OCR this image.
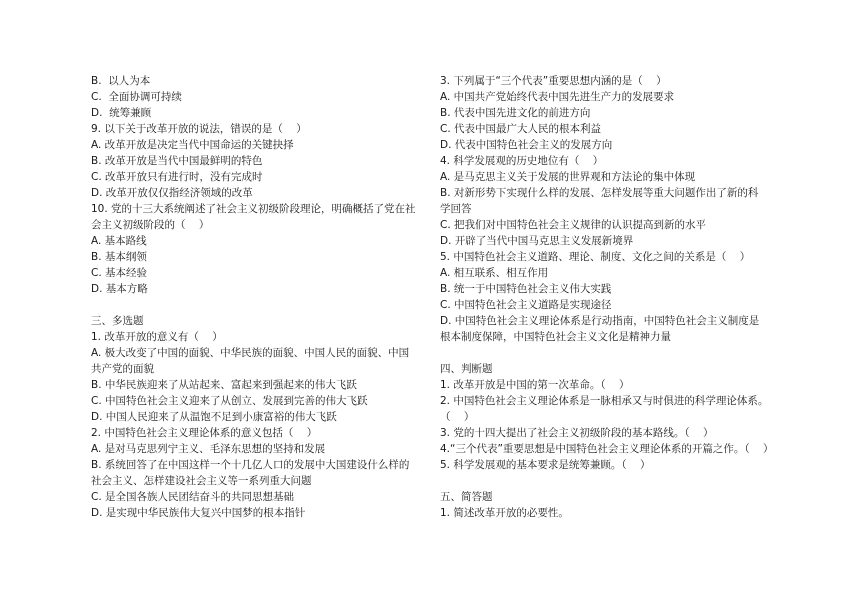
B.  以人为本
C.  全面协调可持续
D.  统筹兼顾
9. 以下关于改革开放的说法，错误的是（    ）
A. 改革开放是决定当代中国命运的关键抉择
B. 改革开放是当代中国最鲜明的特色
C. 改革开放只有进行时，没有完成时
D. 改革开放仅仅指经济领域的改革
10. 党的十三大系统阐述了社会主义初级阶段理论，明确概括了党在社
会主义初级阶段的（    ）
A. 基本路线
B. 基本纲领
C. 基本经验
D. 基本方略
三、多选题
1. 改革开放的意义有（    ）
A. 极大改变了中国的面貌、中华民族的面貌、中国人民的面貌、中国
共产党的面貌
B. 中华民族迎来了从站起来、富起来到强起来的伟大飞跃
C. 中国特色社会主义迎来了从创立、发展到完善的伟大飞跃
D. 中国人民迎来了从温饱不足到小康富裕的伟大飞跃
2. 中国特色社会主义理论体系的意义包括（    ）
A. 是对马克思列宁主义、毛泽东思想的坚持和发展
B. 系统回答了在中国这样一个十几亿人口的发展中大国建设什么样的
社会主义、怎样建设社会主义等一系列重大问题
C. 是全国各族人民团结奋斗的共同思想基础
D. 是实现中华民族伟大复兴中国梦的根本指针
3. 下列属于“三个代表”重要思想内涵的是（    ）
A. 中国共产党始终代表中国先进生产力的发展要求
B. 代表中国先进文化的前进方向
C. 代表中国最广大人民的根本利益
D. 代表中国特色社会主义的发展方向
4. 科学发展观的历史地位有（    ）
A. 是马克思主义关于发展的世界观和方法论的集中体现
B. 对新形势下实现什么样的发展、怎样发展等重大问题作出了新的科
学回答
C. 把我们对中国特色社会主义规律的认识提高到新的水平
D. 开辟了当代中国马克思主义发展新境界
5. 中国特色社会主义道路、理论、制度、文化之间的关系是（    ）
A. 相互联系、相互作用
B. 统一于中国特色社会主义伟大实践
C. 中国特色社会主义道路是实现途径
D. 中国特色社会主义理论体系是行动指南，中国特色社会主义制度是
根本制度保障，中国特色社会主义文化是精神力量
四、判断题
1. 改革开放是中国的第一次革命。（    ）
2. 中国特色社会主义理论体系是一脉相承又与时俱进的科学理论体系。
（    ）
3. 党的十四大提出了社会主义初级阶段的基本路线。（    ）
4.“三个代表”重要思想是中国特色社会主义理论体系的开篇之作。（    ）
5. 科学发展观的基本要求是统筹兼顾。（    ）
五、简答题
1. 简述改革开放的必要性。
